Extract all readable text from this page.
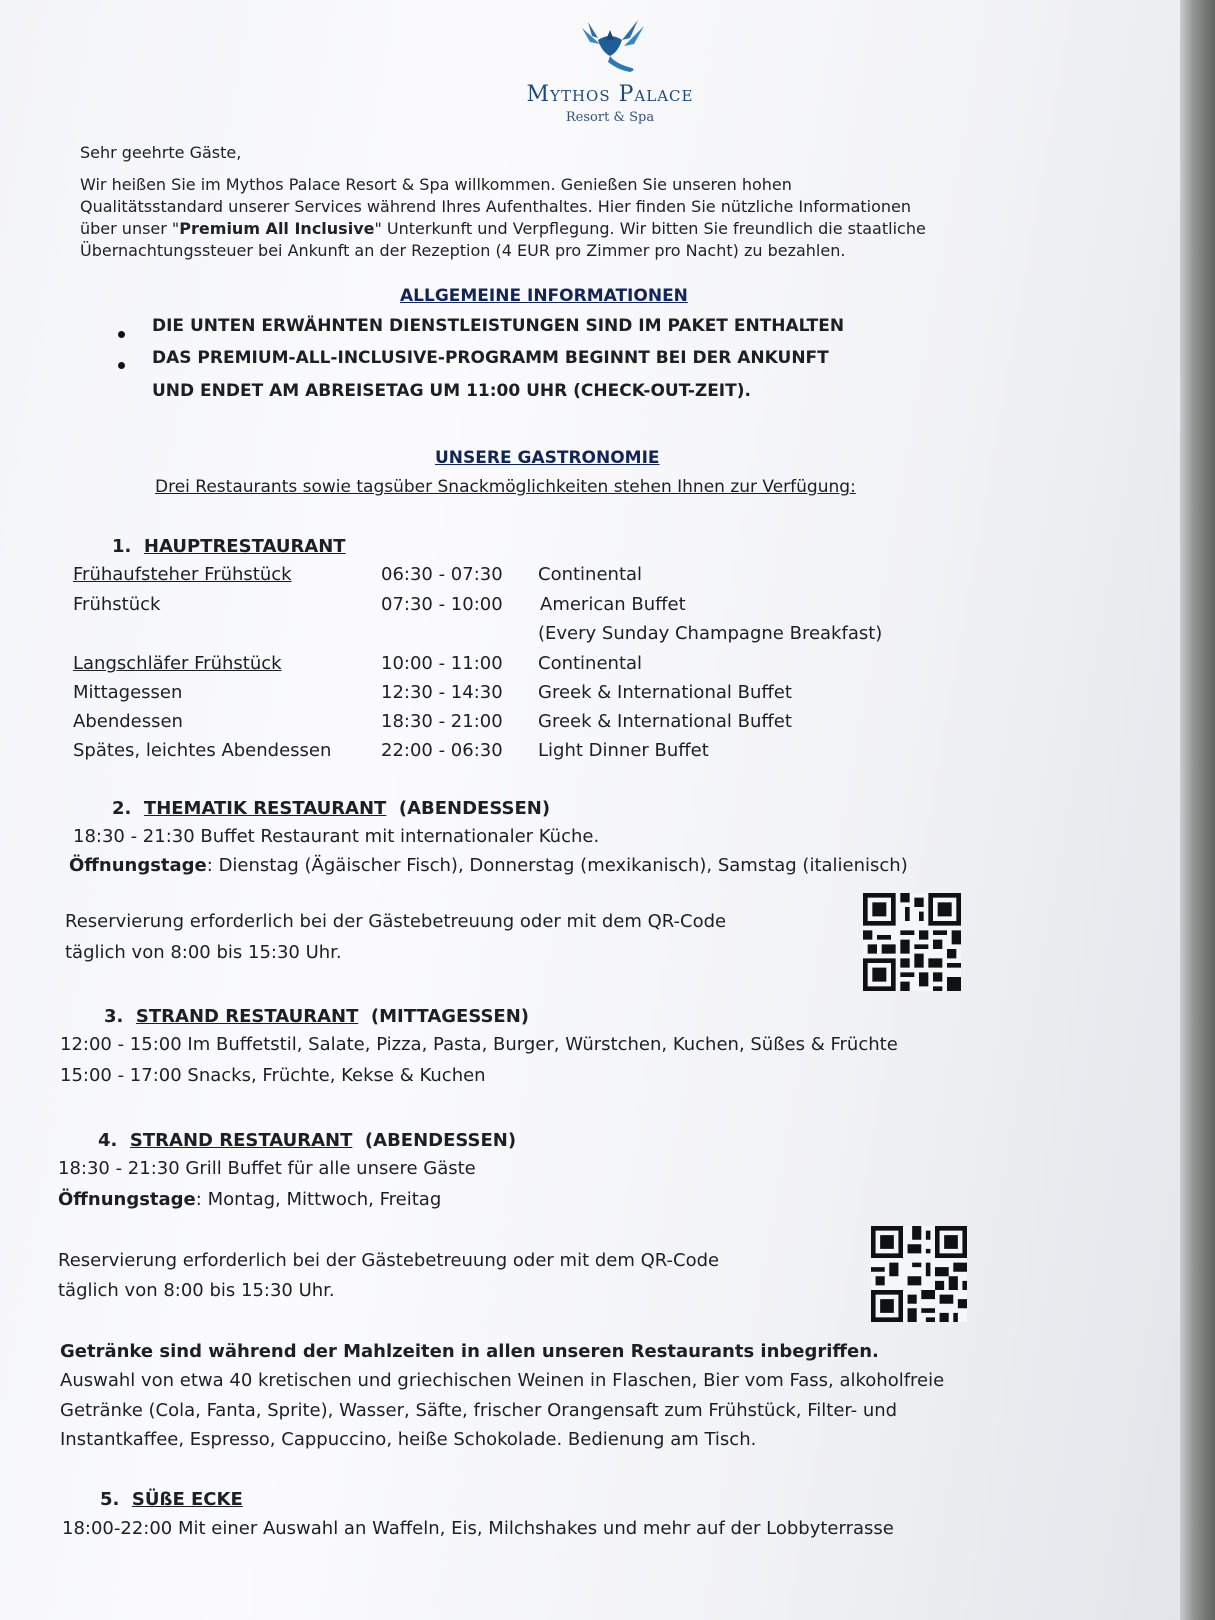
Mythos Palace
Resort & Spa
Sehr geehrte Gäste,
Wir heißen Sie im Mythos Palace Resort & Spa willkommen. Genießen Sie unseren hohen
Qualitätsstandard unserer Services während Ihres Aufenthaltes. Hier finden Sie nützliche Informationen
über unser "Premium All Inclusive" Unterkunft und Verpflegung. Wir bitten Sie freundlich die staatliche
Übernachtungssteuer bei Ankunft an der Rezeption (4 EUR pro Zimmer pro Nacht) zu bezahlen.
ALLGEMEINE INFORMATIONEN
DIE UNTEN ERWÄHNTEN DIENSTLEISTUNGEN SIND IM PAKET ENTHALTEN
DAS PREMIUM-ALL-INCLUSIVE-PROGRAMM BEGINNT BEI DER ANKUNFT
UND ENDET AM ABREISETAG UM 11:00 UHR (CHECK-OUT-ZEIT).
UNSERE GASTRONOMIE
Drei Restaurants sowie tagsüber Snackmöglichkeiten stehen Ihnen zur Verfügung:
1. HAUPTRESTAURANT
Frühaufsteher Frühstück	06:30 - 07:30 Continental
Frühstück	07:30 - 10:00 American Buffet
(Every Sunday Champagne Breakfast)
Langschläfer Frühstück	10:00 - 11:00 Continental
Mittagessen	12:30 - 14:30 Greek & International Buffet
Abendessen	18:30 - 21:00 Greek & International Buffet
Spätes, leichtes Abendessen	22:00 - 06:30 Light Dinner Buffet
2. THEMATIK RESTAURANT (ABENDESSEN)
18:30 - 21:30 Buffet Restaurant mit internationaler Küche.
Öffnungstage: Dienstag (Ägäischer Fisch), Donnerstag (mexikanisch), Samstag (italienisch)
Reservierung erforderlich bei der Gästebetreuung oder mit dem QR-Code
täglich von 8:00 bis 15:30 Uhr.
3. STRAND RESTAURANT (MITTAGESSEN)
12:00 - 15:00 Im Buffetstil, Salate, Pizza, Pasta, Burger, Würstchen, Kuchen, Süßes & Früchte
15:00 - 17:00 Snacks, Früchte, Kekse & Kuchen
4. STRAND RESTAURANT (ABENDESSEN)
18:30 - 21:30 Grill Buffet für alle unsere Gäste
Öffnungstage: Montag, Mittwoch, Freitag
Reservierung erforderlich bei der Gästebetreuung oder mit dem QR-Code
täglich von 8:00 bis 15:30 Uhr.
Getränke sind während der Mahlzeiten in allen unseren Restaurants inbegriffen.
Auswahl von etwa 40 kretischen und griechischen Weinen in Flaschen, Bier vom Fass, alkoholfreie
Getränke (Cola, Fanta, Sprite), Wasser, Säfte, frischer Orangensaft zum Frühstück, Filter- und
Instantkaffee, Espresso, Cappuccino, heiße Schokolade. Bedienung am Tisch.
5. SÜßE ECKE
18:00-22:00 Mit einer Auswahl an Waffeln, Eis, Milchshakes und mehr auf der Lobbyterrasse
